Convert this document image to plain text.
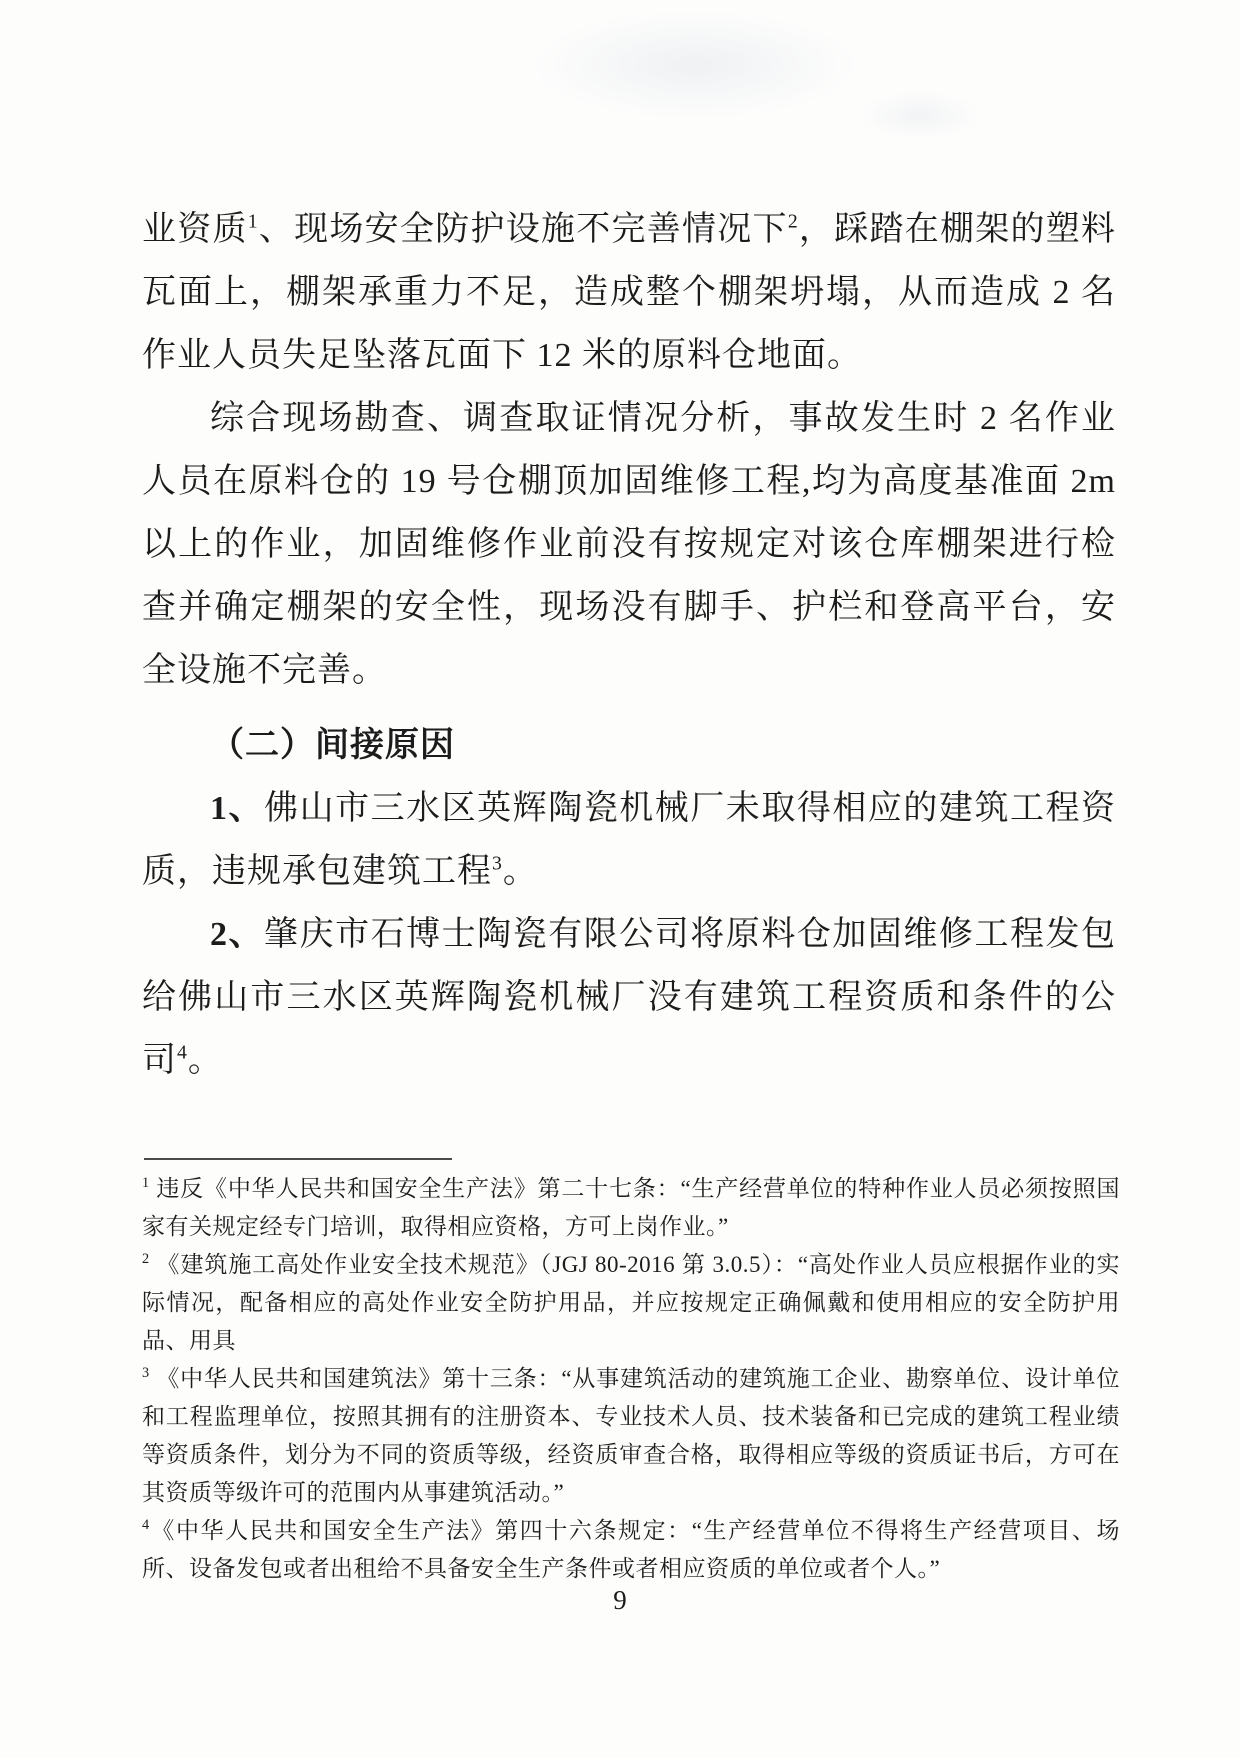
业资质$^1$、现场安全防护设施不完善情况下$^2$，踩踏在棚架的塑料瓦面上，棚架承重力不足，造成整个棚架坍塌，从而造成 2 名作业人员失足坠落瓦面下 12 米的原料仓地面。

综合现场勘查、调查取证情况分析，事故发生时 2 名作业人员在原料仓的 19 号仓棚顶加固维修工程,均为高度基准面 2m 以上的作业，加固维修作业前没有按规定对该仓库棚架进行检查并确定棚架的安全性，现场没有脚手、护栏和登高平台，安全设施不完善。

（二）间接原因

1、佛山市三水区英辉陶瓷机械厂未取得相应的建筑工程资质，违规承包建筑工程$^3$。

2、肇庆市石博士陶瓷有限公司将原料仓加固维修工程发包给佛山市三水区英辉陶瓷机械厂没有建筑工程资质和条件的公司$^4$。

$^1$ 违反《中华人民共和国安全生产法》第二十七条：“生产经营单位的特种作业人员必须按照国家有关规定经专门培训，取得相应资格，方可上岗作业。”

$^2$ 《建筑施工高处作业安全技术规范》（JGJ 80-2016 第 3.0.5）：“高处作业人员应根据作业的实际情况，配备相应的高处作业安全防护用品，并应按规定正确佩戴和使用相应的安全防护用品、用具

$^3$ 《中华人民共和国建筑法》第十三条：“从事建筑活动的建筑施工企业、勘察单位、设计单位和工程监理单位，按照其拥有的注册资本、专业技术人员、技术装备和已完成的建筑工程业绩等资质条件，划分为不同的资质等级，经资质审查合格，取得相应等级的资质证书后，方可在其资质等级许可的范围内从事建筑活动。”

$^4$《中华人民共和国安全生产法》第四十六条规定：“生产经营单位不得将生产经营项目、场所、设备发包或者出租给不具备安全生产条件或者相应资质的单位或者个人。”

9
